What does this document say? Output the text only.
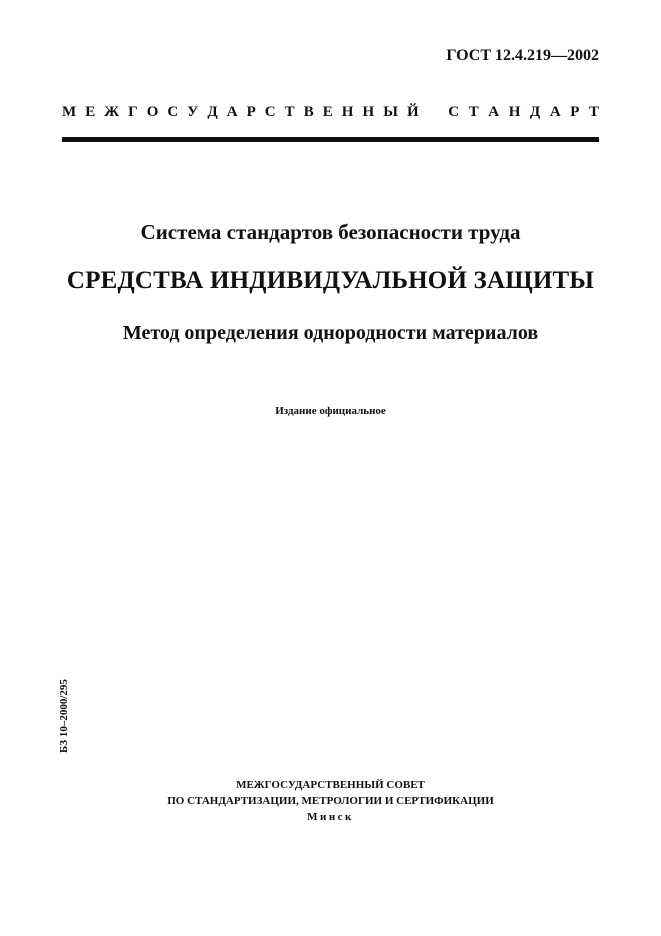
ГОСТ 12.4.219—2002
М Е Ж Г О С У Д А Р С Т В Е Н Н Ы Й С Т А Н Д А Р Т
Система стандартов безопасности труда
СРЕДСТВА ИНДИВИДУАЛЬНОЙ ЗАЩИТЫ
Метод определения однородности материалов
Издание официальное
БЗ 10–2000/295
МЕЖГОСУДАРСТВЕННЫЙ СОВЕТ
ПО СТАНДАРТИЗАЦИИ, МЕТРОЛОГИИ И СЕРТИФИКАЦИИ
Минск
